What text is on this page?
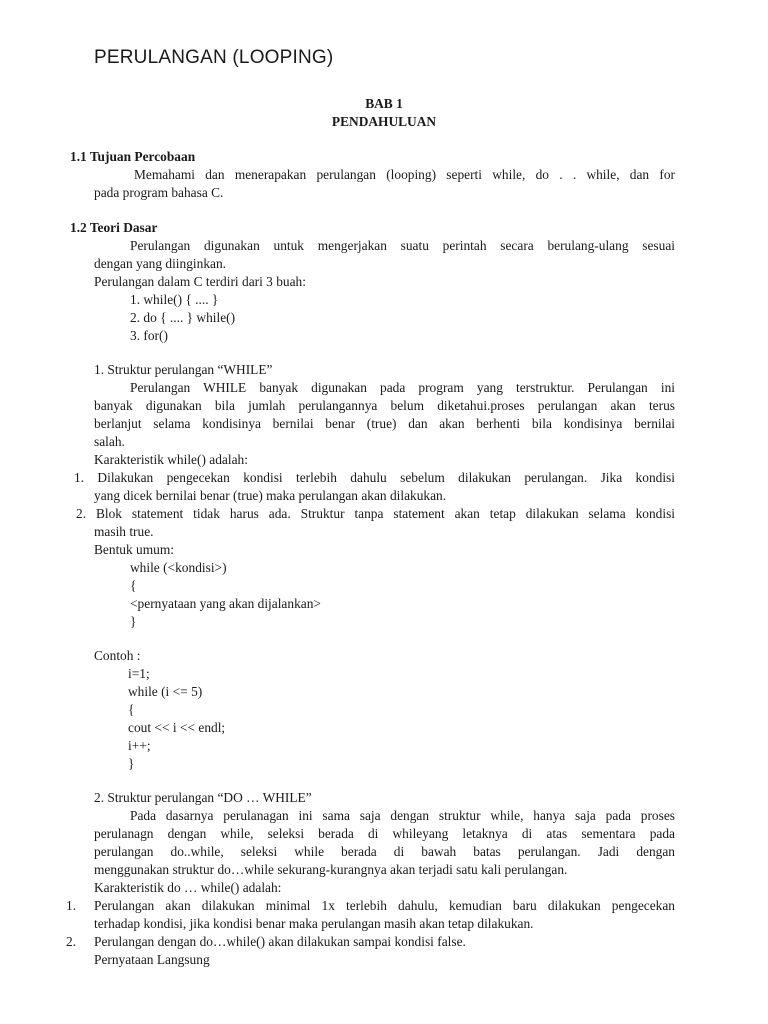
PERULANGAN (LOOPING)
BAB 1
PENDAHULUAN
1.1 Tujuan Percobaan
Memahami dan menerapakan perulangan (looping) seperti while, do . . while, dan for
pada program bahasa C.
1.2 Teori Dasar
Perulangan digunakan untuk mengerjakan suatu perintah secara berulang-ulang sesuai
dengan yang diinginkan.
Perulangan dalam C terdiri dari 3 buah:
1. while() { .... }
2. do { .... } while()
3. for()
1. Struktur perulangan “WHILE”
Perulangan WHILE banyak digunakan pada program yang terstruktur. Perulangan ini
banyak digunakan bila jumlah perulangannya belum diketahui.proses perulangan akan terus
berlanjut selama kondisinya bernilai benar (true) dan akan berhenti bila kondisinya bernilai
salah.
Karakteristik while() adalah:
1. Dilakukan pengecekan kondisi terlebih dahulu sebelum dilakukan perulangan. Jika kondisi
yang dicek bernilai benar (true) maka perulangan akan dilakukan.
2. Blok statement tidak harus ada. Struktur tanpa statement akan tetap dilakukan selama kondisi
masih true.
Bentuk umum:
while (<kondisi>)
{
<pernyataan yang akan dijalankan>
}
Contoh :
i=1;
while (i <= 5)
{
cout << i << endl;
i++;
}
2. Struktur perulangan “DO … WHILE”
Pada dasarnya perulanagan ini sama saja dengan struktur while, hanya saja pada proses
perulanagn dengan while, seleksi berada di whileyang letaknya di atas sementara pada
perulangan do..while, seleksi while berada di bawah batas perulangan. Jadi dengan
menggunakan struktur do…while sekurang-kurangnya akan terjadi satu kali perulangan.
Karakteristik do … while() adalah:
1. Perulangan akan dilakukan minimal 1x terlebih dahulu, kemudian baru dilakukan pengecekan
terhadap kondisi, jika kondisi benar maka perulangan masih akan tetap dilakukan.
2. Perulangan dengan do…while() akan dilakukan sampai kondisi false.
Pernyataan Langsung
